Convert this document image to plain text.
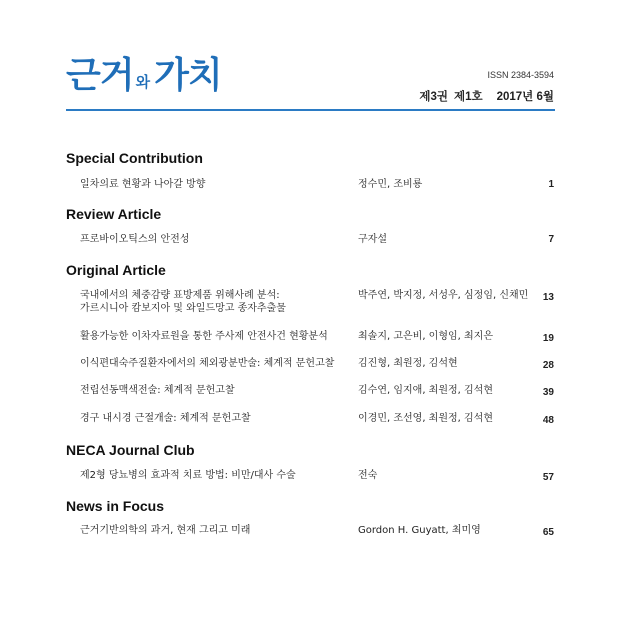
근거 와 가치	ISSN 2384-3594
제3권 제1호 2017년 6월
Special Contribution
일차의료 현황과 나아갈 방향	정수민, 조비룡	1
Review Article
프로바이오틱스의 안전성	구자설	7
Original Article
국내에서의 체중감량 표방제품 위해사례 분석:
가르시니아 캄보지아 및 와일드망고 종자추출물
박주연, 박지정, 서성우, 심정임, 신채민 13
활용가능한 이차자료원을 통한 주사제 안전사건 현황분석	최솔지, 고은비, 이형임, 최지은	19
이식편대숙주질환자에서의 체외광분반술: 체계적 문헌고찰	김진형, 최원정, 김석현	28
전립선동맥색전술: 체계적 문헌고찰	김수연, 임지애, 최원정, 김석현	39
경구 내시경 근절개술: 체계적 문헌고찰	이경민, 조선영, 최원정, 김석현	48
NECA Journal Club
제2형 당뇨병의 효과적 치료 방법: 비만/대사 수술	전숙	57
News in Focus
근거기반의학의 과거, 현재 그리고 미래	Gordon H. Guyatt, 최미영	65
